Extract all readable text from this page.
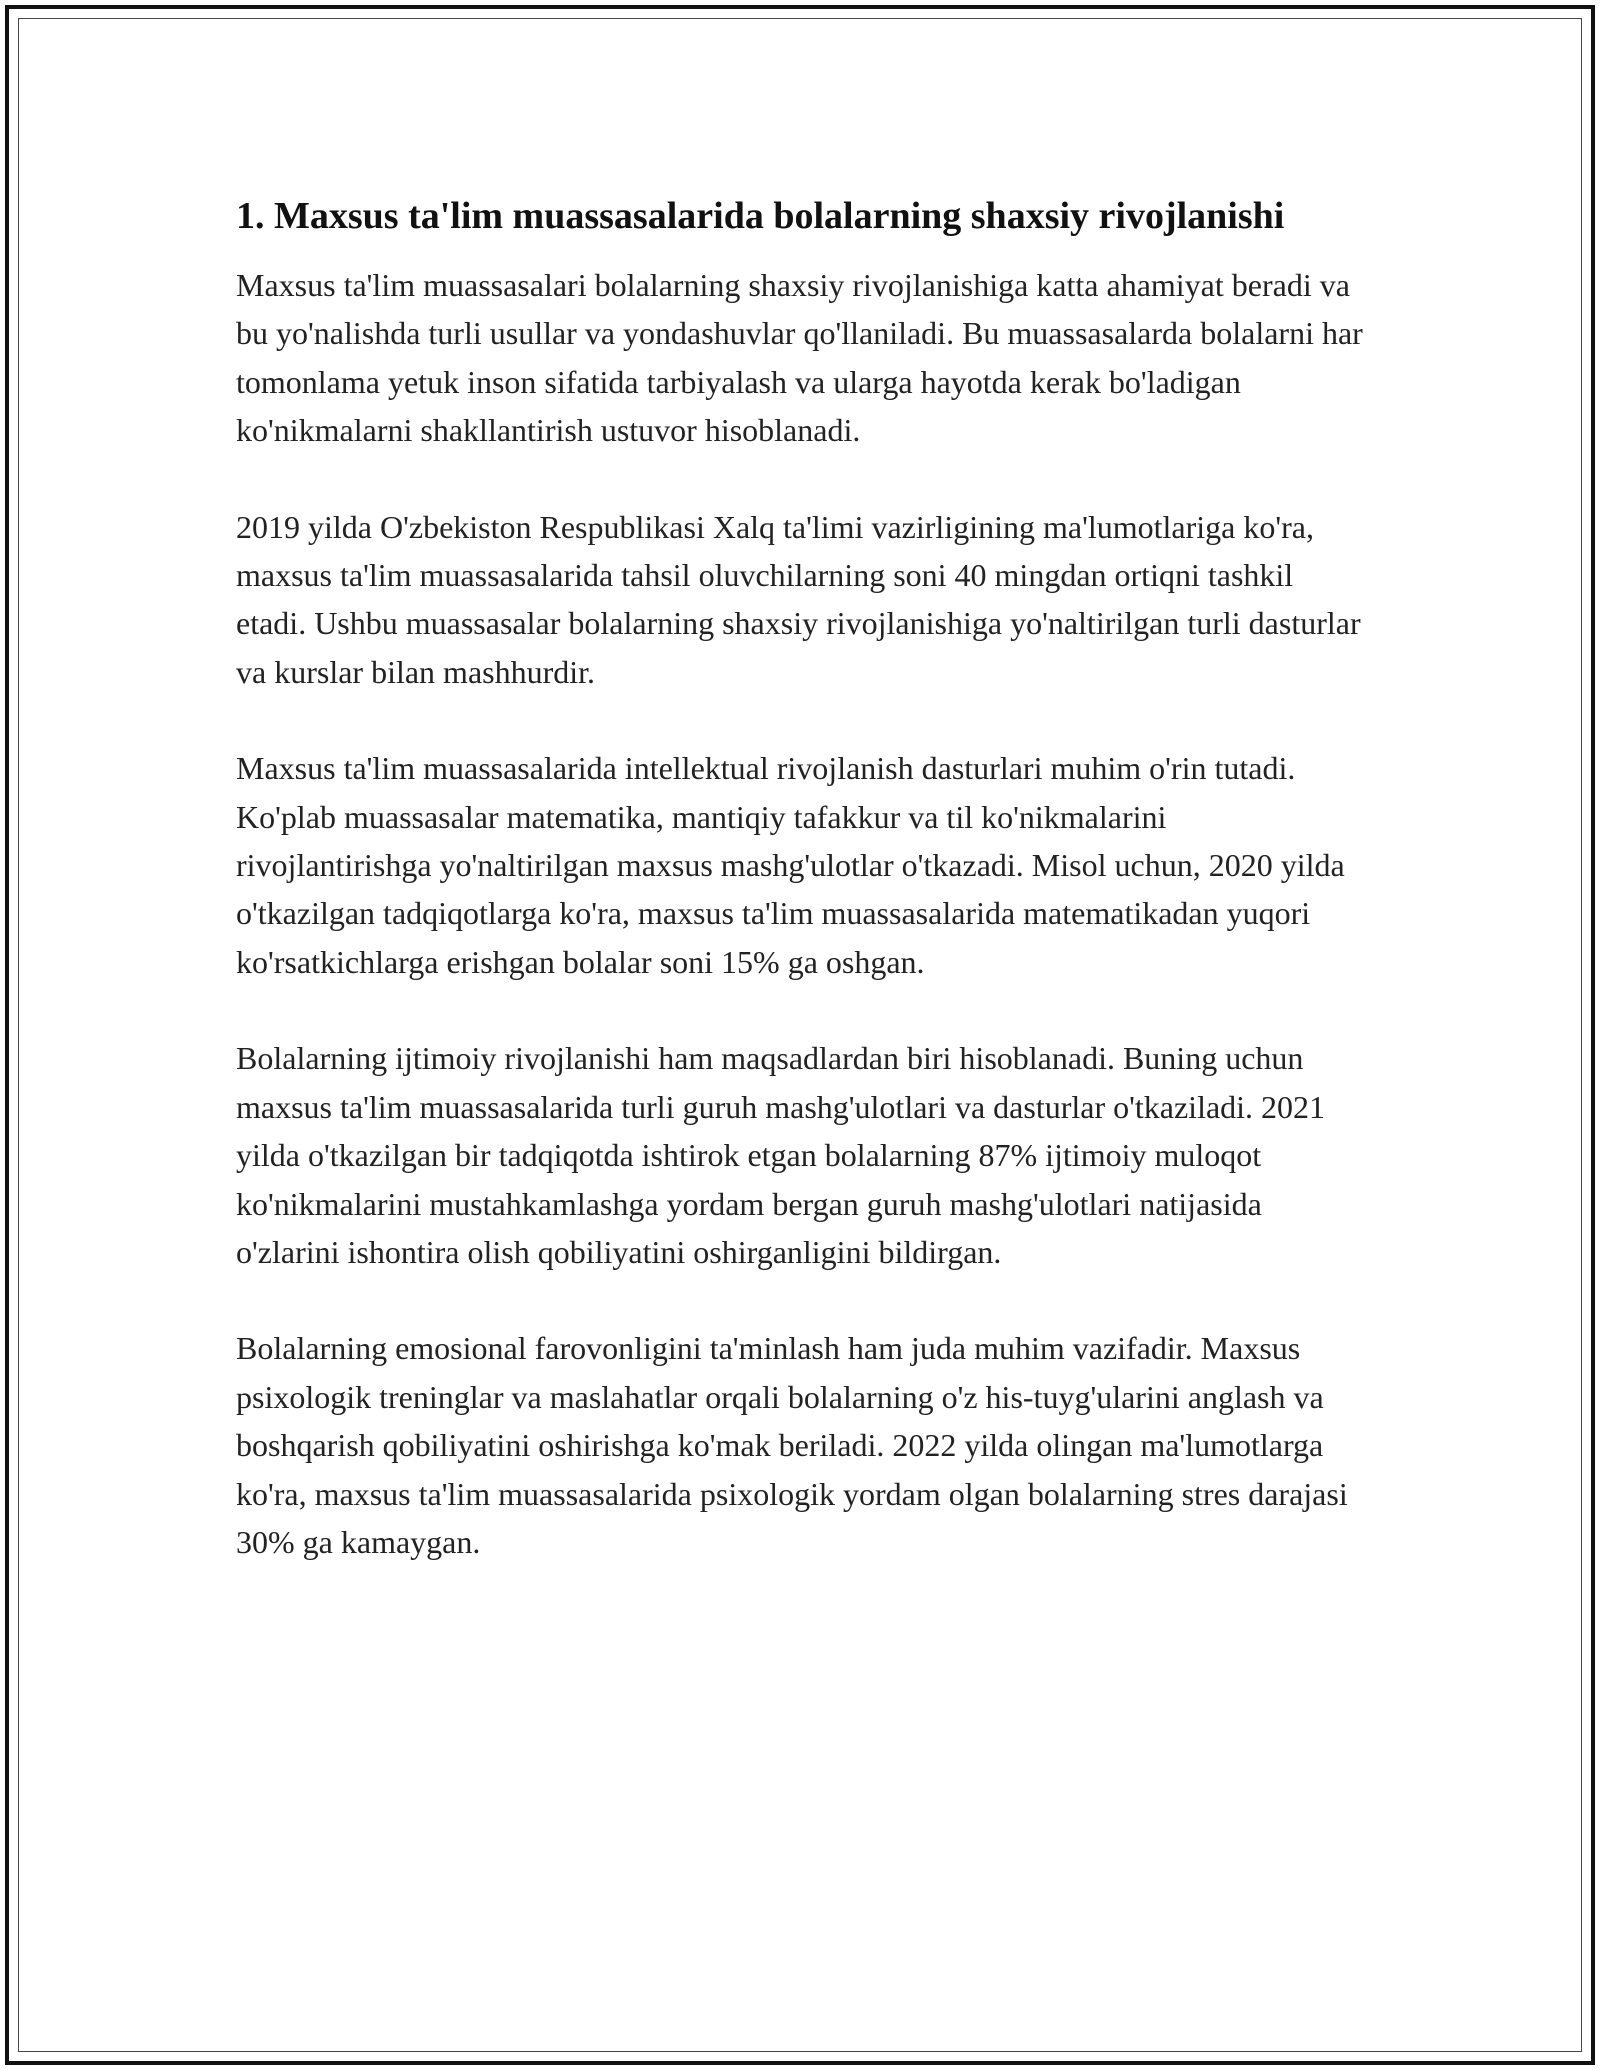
1. Maxsus ta'lim muassasalarida bolalarning shaxsiy rivojlanishi

Maxsus ta'lim muassasalari bolalarning shaxsiy rivojlanishiga katta ahamiyat beradi va bu yo'nalishda turli usullar va yondashuvlar qo'llaniladi. Bu muassasalarda bolalarni har tomonlama yetuk inson sifatida tarbiyalash va ularga hayotda kerak bo'ladigan ko'nikmalarni shakllantirish ustuvor hisoblanadi.

2019 yilda O'zbekiston Respublikasi Xalq ta'limi vazirligining ma'lumotlariga ko'ra, maxsus ta'lim muassasalarida tahsil oluvchilarning soni 40 mingdan ortiqni tashkil etadi. Ushbu muassasalar bolalarning shaxsiy rivojlanishiga yo'naltirilgan turli dasturlar va kurslar bilan mashhurdir.

Maxsus ta'lim muassasalarida intellektual rivojlanish dasturlari muhim o'rin tutadi. Ko'plab muassasalar matematika, mantiqiy tafakkur va til ko'nikmalarini rivojlantirishga yo'naltirilgan maxsus mashg'ulotlar o'tkazadi. Misol uchun, 2020 yilda o'tkazilgan tadqiqotlarga ko'ra, maxsus ta'lim muassasalarida matematikadan yuqori ko'rsatkichlarga erishgan bolalar soni 15% ga oshgan.

Bolalarning ijtimoiy rivojlanishi ham maqsadlardan biri hisoblanadi. Buning uchun maxsus ta'lim muassasalarida turli guruh mashg'ulotlari va dasturlar o'tkaziladi. 2021 yilda o'tkazilgan bir tadqiqotda ishtirok etgan bolalarning 87% ijtimoiy muloqot ko'nikmalarini mustahkamlashga yordam bergan guruh mashg'ulotlari natijasida o'zlarini ishontira olish qobiliyatini oshirganligini bildirgan.

Bolalarning emosional farovonligini ta'minlash ham juda muhim vazifadir. Maxsus psixologik treninglar va maslahatlar orqali bolalarning o'z his-tuyg'ularini anglash va boshqarish qobiliyatini oshirishga ko'mak beriladi. 2022 yilda olingan ma'lumotlarga ko'ra, maxsus ta'lim muassasalarida psixologik yordam olgan bolalarning stres darajasi 30% ga kamaygan.
